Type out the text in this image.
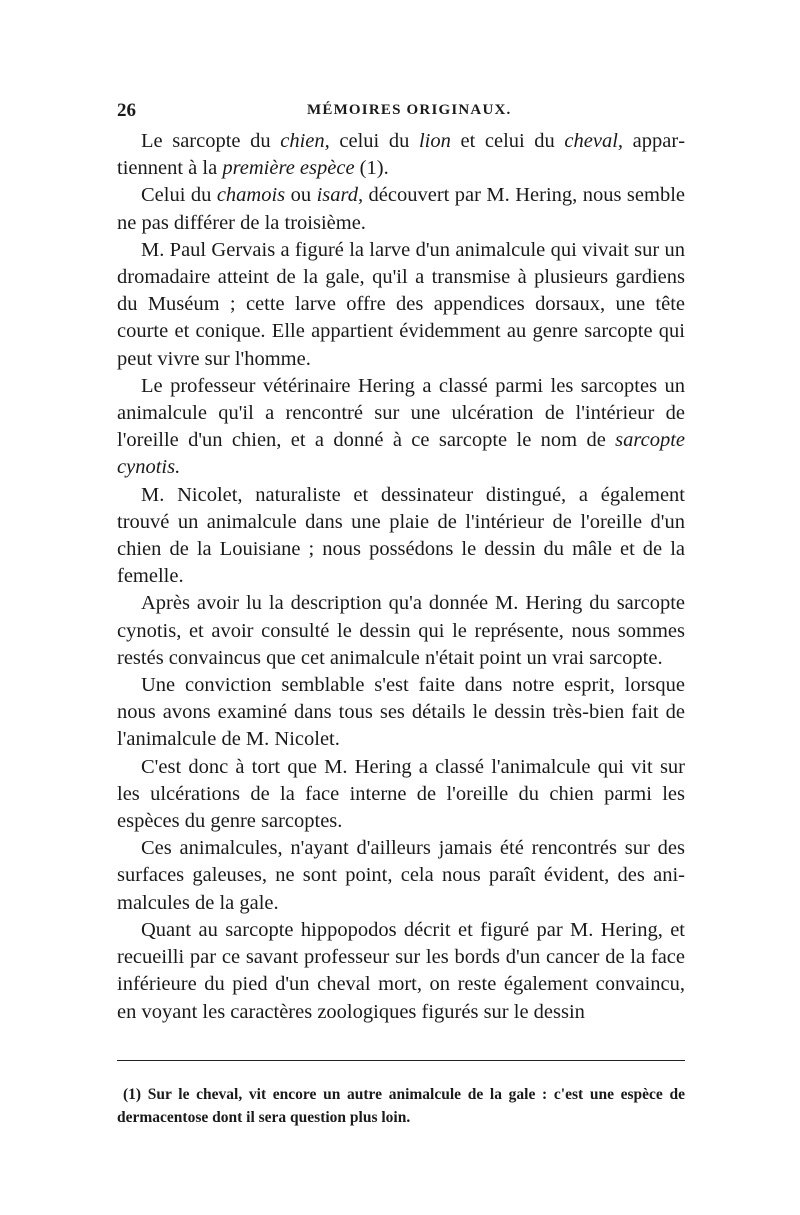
26	MÉMOIRES ORIGINAUX.

Le sarcopte du chien, celui du lion et celui du cheval, appartiennent à la première espèce (1).

Celui du chamois ou isard, découvert par M. Hering, nous semble ne pas différer de la troisième.

M. Paul Gervais a figuré la larve d'un animalcule qui vivait sur un dromadaire atteint de la gale, qu'il a transmise à plusieurs gardiens du Muséum ; cette larve offre des appendices dorsaux, une tête courte et conique. Elle appartient évidemment au genre sarcopte qui peut vivre sur l'homme.

Le professeur vétérinaire Hering a classé parmi les sarcoptes un animalcule qu'il a rencontré sur une ulcération de l'intérieur de l'oreille d'un chien, et a donné à ce sarcopte le nom de sarcopte cynotis.

M. Nicolet, naturaliste et dessinateur distingué, a également trouvé un animalcule dans une plaie de l'intérieur de l'oreille d'un chien de la Louisiane ; nous possédons le dessin du mâle et de la femelle.

Après avoir lu la description qu'a donnée M. Hering du sarcopte cynotis, et avoir consulté le dessin qui le représente, nous sommes restés convaincus que cet animalcule n'était point un vrai sarcopte.

Une conviction semblable s'est faite dans notre esprit, lorsque nous avons examiné dans tous ses détails le dessin très-bien fait de l'animalcule de M. Nicolet.

C'est donc à tort que M. Hering a classé l'animalcule qui vit sur les ulcérations de la face interne de l'oreille du chien parmi les espèces du genre sarcoptes.

Ces animalcules, n'ayant d'ailleurs jamais été rencontrés sur des surfaces galeuses, ne sont point, cela nous paraît évident, des animalcules de la gale.

Quant au sarcopte hippopodos décrit et figuré par M. Hering, et recueilli par ce savant professeur sur les bords d'un cancer de la face inférieure du pied d'un cheval mort, on reste également convaincu, en voyant les caractères zoologiques figurés sur le dessin

(1) Sur le cheval, vit encore un autre animalcule de la gale : c'est une espèce de dermacentose dont il sera question plus loin.
